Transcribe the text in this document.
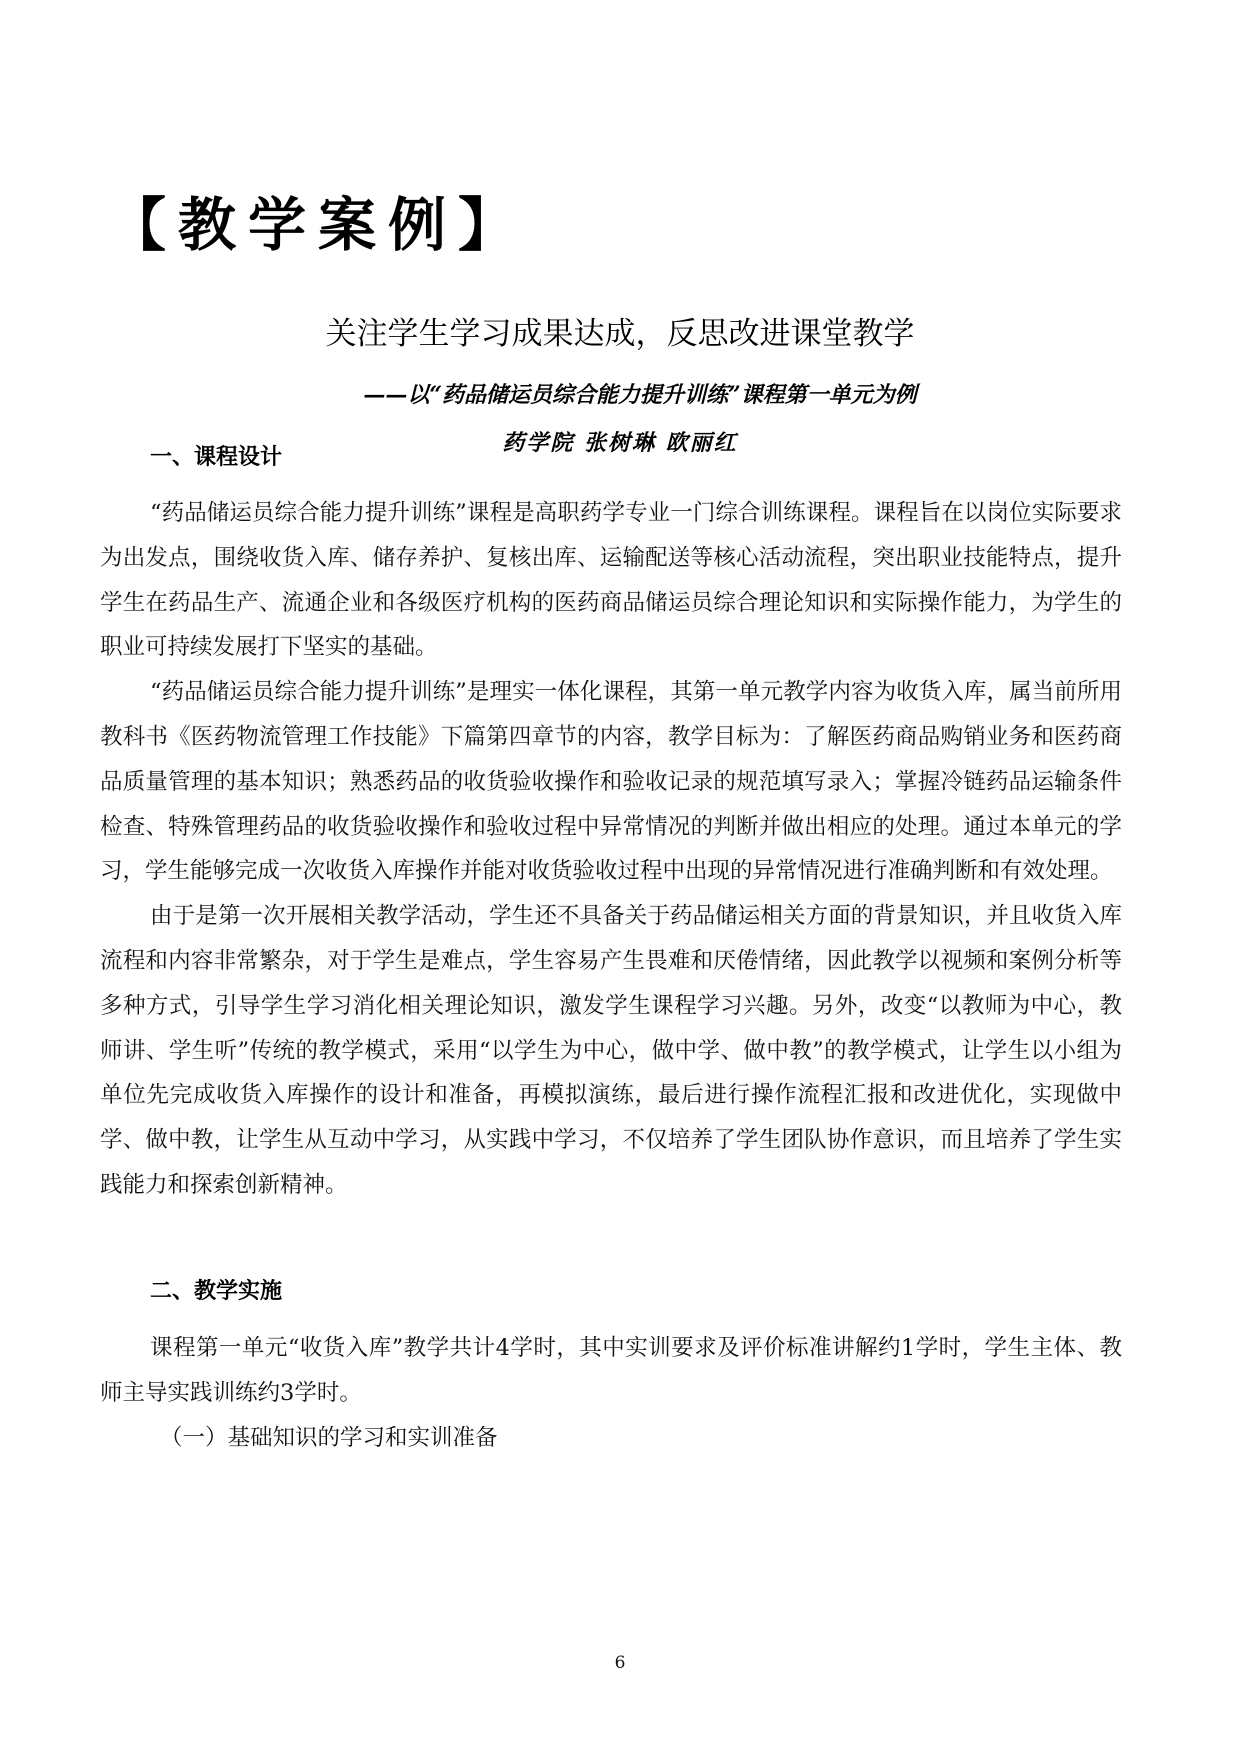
【教学案例】
关注学生学习成果达成，反思改进课堂教学
——以“药品储运员综合能力提升训练”课程第一单元为例
药学院 张树琳 欧丽红
一、课程设计

“药品储运员综合能力提升训练”课程是高职药学专业一门综合训练课程。课程旨在以岗位实际要求为出发点，围绕收货入库、储存养护、复核出库、运输配送等核心活动流程，突出职业技能特点，提升学生在药品生产、流通企业和各级医疗机构的医药商品储运员综合理论知识和实际操作能力，为学生的职业可持续发展打下坚实的基础。

“药品储运员综合能力提升训练”是理实一体化课程，其第一单元教学内容为收货入库，属当前所用教科书《医药物流管理工作技能》下篇第四章节的内容，教学目标为：了解医药商品购销业务和医药商品质量管理的基本知识；熟悉药品的收货验收操作和验收记录的规范填写录入；掌握冷链药品运输条件检查、特殊管理药品的收货验收操作和验收过程中异常情况的判断并做出相应的处理。通过本单元的学习，学生能够完成一次收货入库操作并能对收货验收过程中出现的异常情况进行准确判断和有效处理。

由于是第一次开展相关教学活动，学生还不具备关于药品储运相关方面的背景知识，并且收货入库流程和内容非常繁杂，对于学生是难点，学生容易产生畏难和厌倦情绪，因此教学以视频和案例分析等多种方式，引导学生学习消化相关理论知识，激发学生课程学习兴趣。另外，改变“以教师为中心，教师讲、学生听”传统的教学模式，采用“以学生为中心，做中学、做中教”的教学模式，让学生以小组为单位先完成收货入库操作的设计和准备，再模拟演练，最后进行操作流程汇报和改进优化，实现做中学、做中教，让学生从互动中学习，从实践中学习，不仅培养了学生团队协作意识，而且培养了学生实践能力和探索创新精神。

二、教学实施

课程第一单元“收货入库”教学共计4学时，其中实训要求及评价标准讲解约1学时，学生主体、教师主导实践训练约3学时。

（一）基础知识的学习和实训准备
6
